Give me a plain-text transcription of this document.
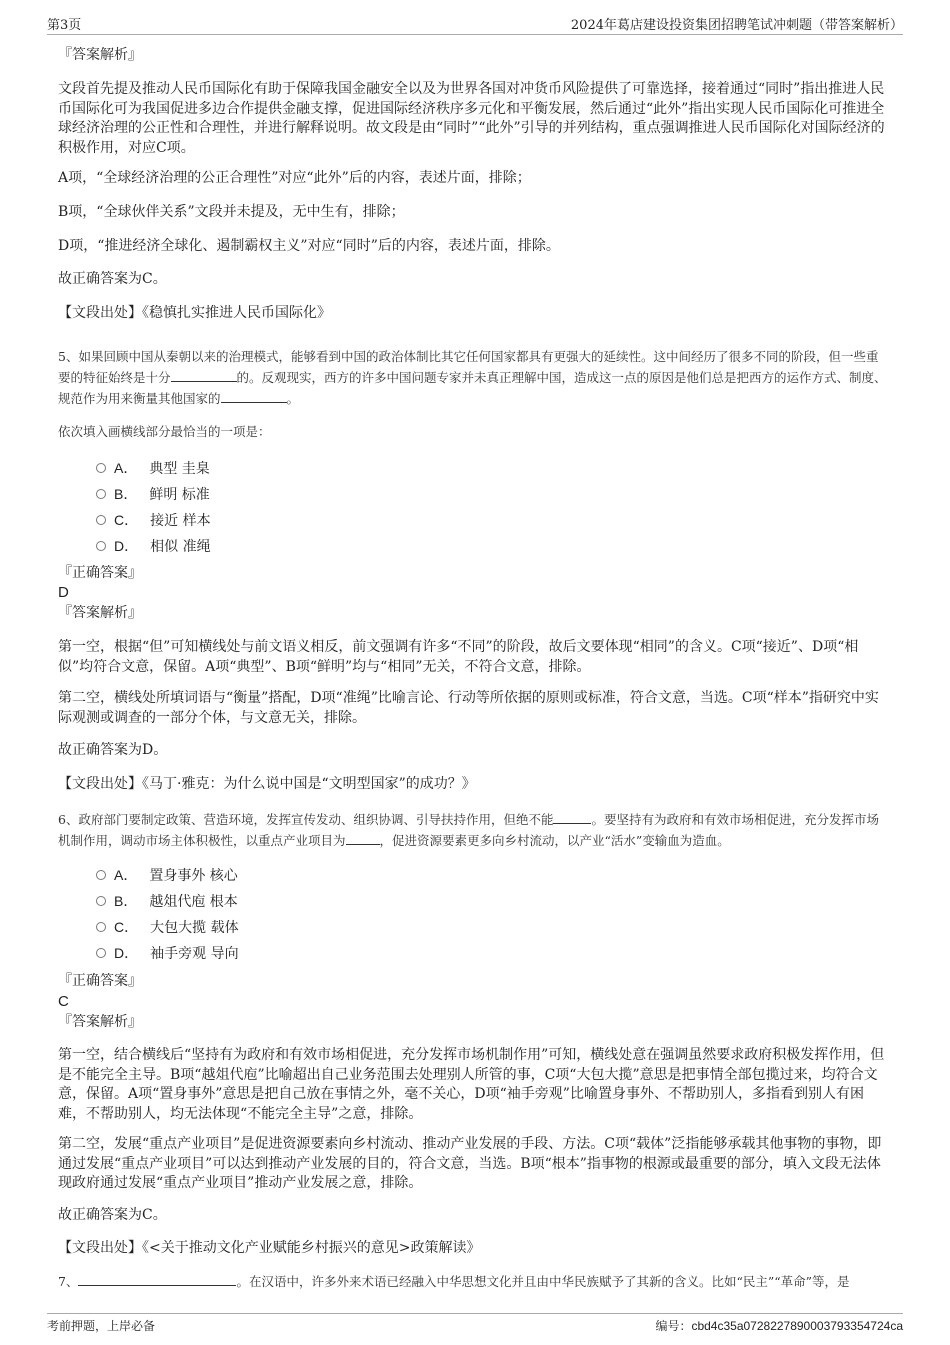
第3页	2024年葛店建设投资集团招聘笔试冲刺题（带答案解析）

『答案解析』

文段首先提及推动人民币国际化有助于保障我国金融安全以及为世界各国对冲货币风险提供了可靠选择，接着通过“同时”指出推进人民币国际化可为我国促进多边合作提供金融支撑，促进国际经济秩序多元化和平衡发展，然后通过“此外”指出实现人民币国际化可推进全球经济治理的公正性和合理性，并进行解释说明。故文段是由“同时”“此外”引导的并列结构，重点强调推进人民币国际化对国际经济的积极作用，对应C项。

A项，“全球经济治理的公正合理性”对应“此外”后的内容，表述片面，排除；

B项，“全球伙伴关系”文段并未提及，无中生有，排除；

D项，“推进经济全球化、遏制霸权主义”对应“同时”后的内容，表述片面，排除。

故正确答案为C。

【文段出处】《稳慎扎实推进人民币国际化》

5、如果回顾中国从秦朝以来的治理模式，能够看到中国的政治体制比其它任何国家都具有更强大的延续性。这中间经历了很多不同的阶段，但一些重要的特征始终是十分	的。反观现实，西方的许多中国问题专家并未真正理解中国，造成这一点的原因是他们总是把西方的运作方式、制度、规范作为用来衡量其他国家的	。

依次填入画横线部分最恰当的一项是：

A． 典型 圭臬
B． 鲜明 标准
C． 接近 样本
D． 相似 准绳

『正确答案』

D

『答案解析』

第一空，根据“但”可知横线处与前文语义相反，前文强调有许多“不同”的阶段，故后文要体现“相同”的含义。C项“接近”、D项“相似”均符合文意，保留。A项“典型”、B项“鲜明”均与“相同”无关，不符合文意，排除。

第二空，横线处所填词语与“衡量”搭配，D项“准绳”比喻言论、行动等所依据的原则或标准，符合文意，当选。C项“样本”指研究中实际观测或调查的一部分个体，与文意无关，排除。

故正确答案为D。

【文段出处】《马丁·雅克：为什么说中国是“文明型国家”的成功？》

6、政府部门要制定政策、营造环境，发挥宣传发动、组织协调、引导扶持作用，但绝不能	。要坚持有为政府和有效市场相促进，充分发挥市场机制作用，调动市场主体积极性，以重点产业项目为	，促进资源要素更多向乡村流动，以产业“活水”变输血为造血。

A． 置身事外 核心
B． 越俎代庖 根本
C． 大包大揽 载体
D． 袖手旁观 导向

『正确答案』

C

『答案解析』

第一空，结合横线后“坚持有为政府和有效市场相促进，充分发挥市场机制作用”可知，横线处意在强调虽然要求政府积极发挥作用，但是不能完全主导。B项“越俎代庖”比喻超出自己业务范围去处理别人所管的事，C项“大包大揽”意思是把事情全部包揽过来，均符合文意，保留。A项“置身事外”意思是把自己放在事情之外，毫不关心，D项“袖手旁观”比喻置身事外、不帮助别人，多指看到别人有困难，不帮助别人，均无法体现“不能完全主导”之意，排除。

第二空，发展“重点产业项目”是促进资源要素向乡村流动、推动产业发展的手段、方法。C项“载体”泛指能够承载其他事物的事物，即通过发展“重点产业项目”可以达到推动产业发展的目的，符合文意，当选。B项“根本”指事物的根源或最重要的部分，填入文段无法体现政府通过发展“重点产业项目”推动产业发展之意，排除。

故正确答案为C。

【文段出处】《<关于推动文化产业赋能乡村振兴的意见>政策解读》

7、	。在汉语中，许多外来术语已经融入中华思想文化并且由中华民族赋予了其新的含义。比如“民主”“革命”等，是

考前押题，上岸必备	编号：cbd4c35a072822789000379335​4724ca
